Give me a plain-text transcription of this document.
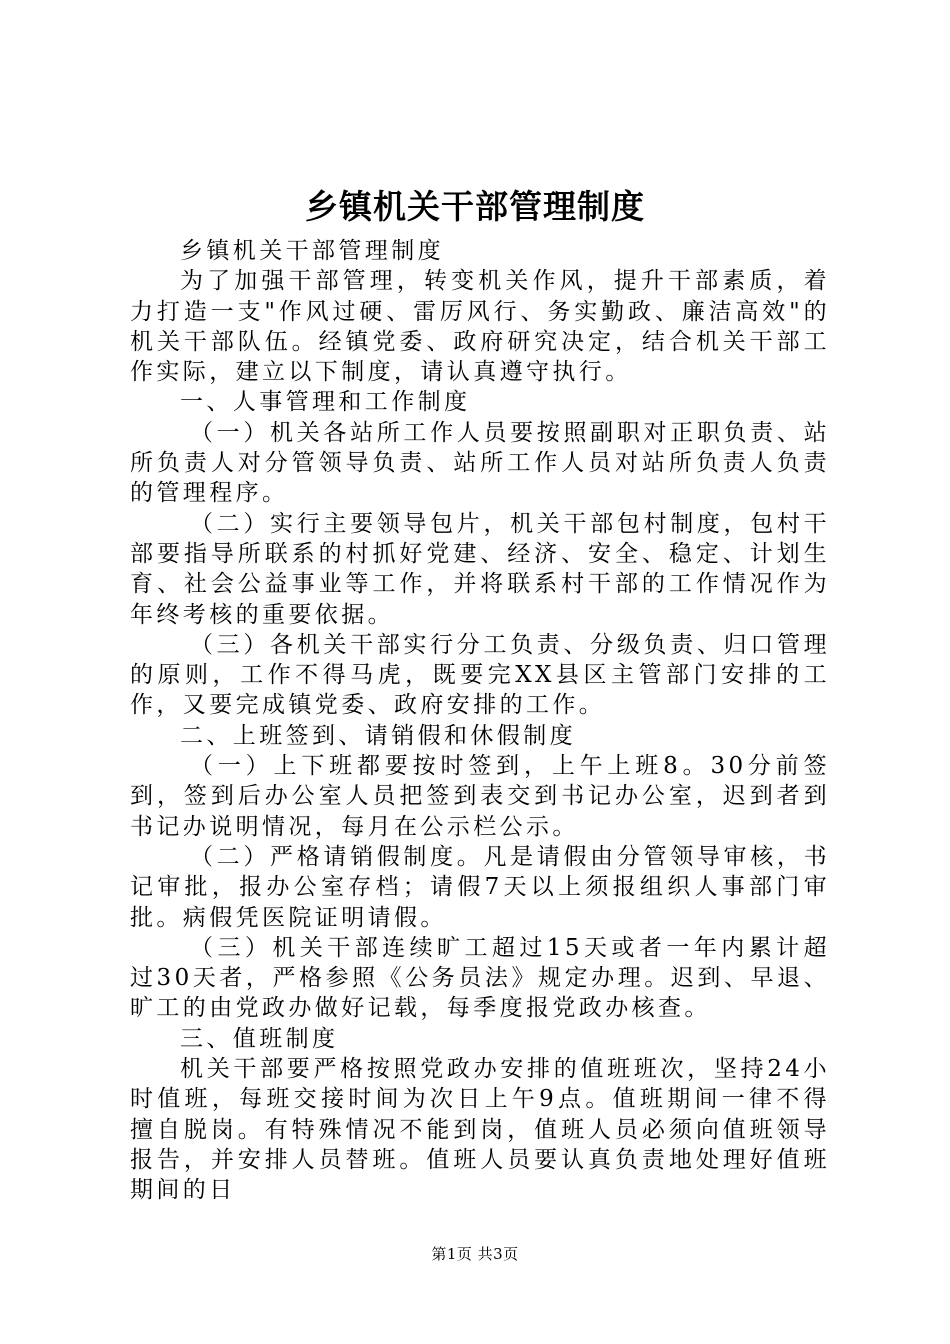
乡镇机关干部管理制度

乡镇机关干部管理制度

为了加强干部管理，转变机关作风，提升干部素质，着力打造一支"作风过硬、雷厉风行、务实勤政、廉洁高效"的机关干部队伍。经镇党委、政府研究决定，结合机关干部工作实际，建立以下制度，请认真遵守执行。

一、人事管理和工作制度

（一）机关各站所工作人员要按照副职对正职负责、站所负责人对分管领导负责、站所工作人员对站所负责人负责的管理程序。

（二）实行主要领导包片，机关干部包村制度，包村干部要指导所联系的村抓好党建、经济、安全、稳定、计划生育、社会公益事业等工作，并将联系村干部的工作情况作为年终考核的重要依据。

（三）各机关干部实行分工负责、分级负责、归口管理的原则，工作不得马虎，既要完XX县区主管部门安排的工作，又要完成镇党委、政府安排的工作。

二、上班签到、请销假和休假制度

（一）上下班都要按时签到，上午上班8。30分前签到，签到后办公室人员把签到表交到书记办公室，迟到者到书记办说明情况，每月在公示栏公示。

（二）严格请销假制度。凡是请假由分管领导审核，书记审批，报办公室存档；请假7天以上须报组织人事部门审批。病假凭医院证明请假。

（三）机关干部连续旷工超过15天或者一年内累计超过30天者，严格参照《公务员法》规定办理。迟到、早退、旷工的由党政办做好记载，每季度报党政办核查。

三、值班制度

机关干部要严格按照党政办安排的值班班次，坚持24小时值班，每班交接时间为次日上午9点。值班期间一律不得擅自脱岗。有特殊情况不能到岗，值班人员必须向值班领导报告，并安排人员替班。值班人员要认真负责地处理好值班期间的日

第1页 共3页
